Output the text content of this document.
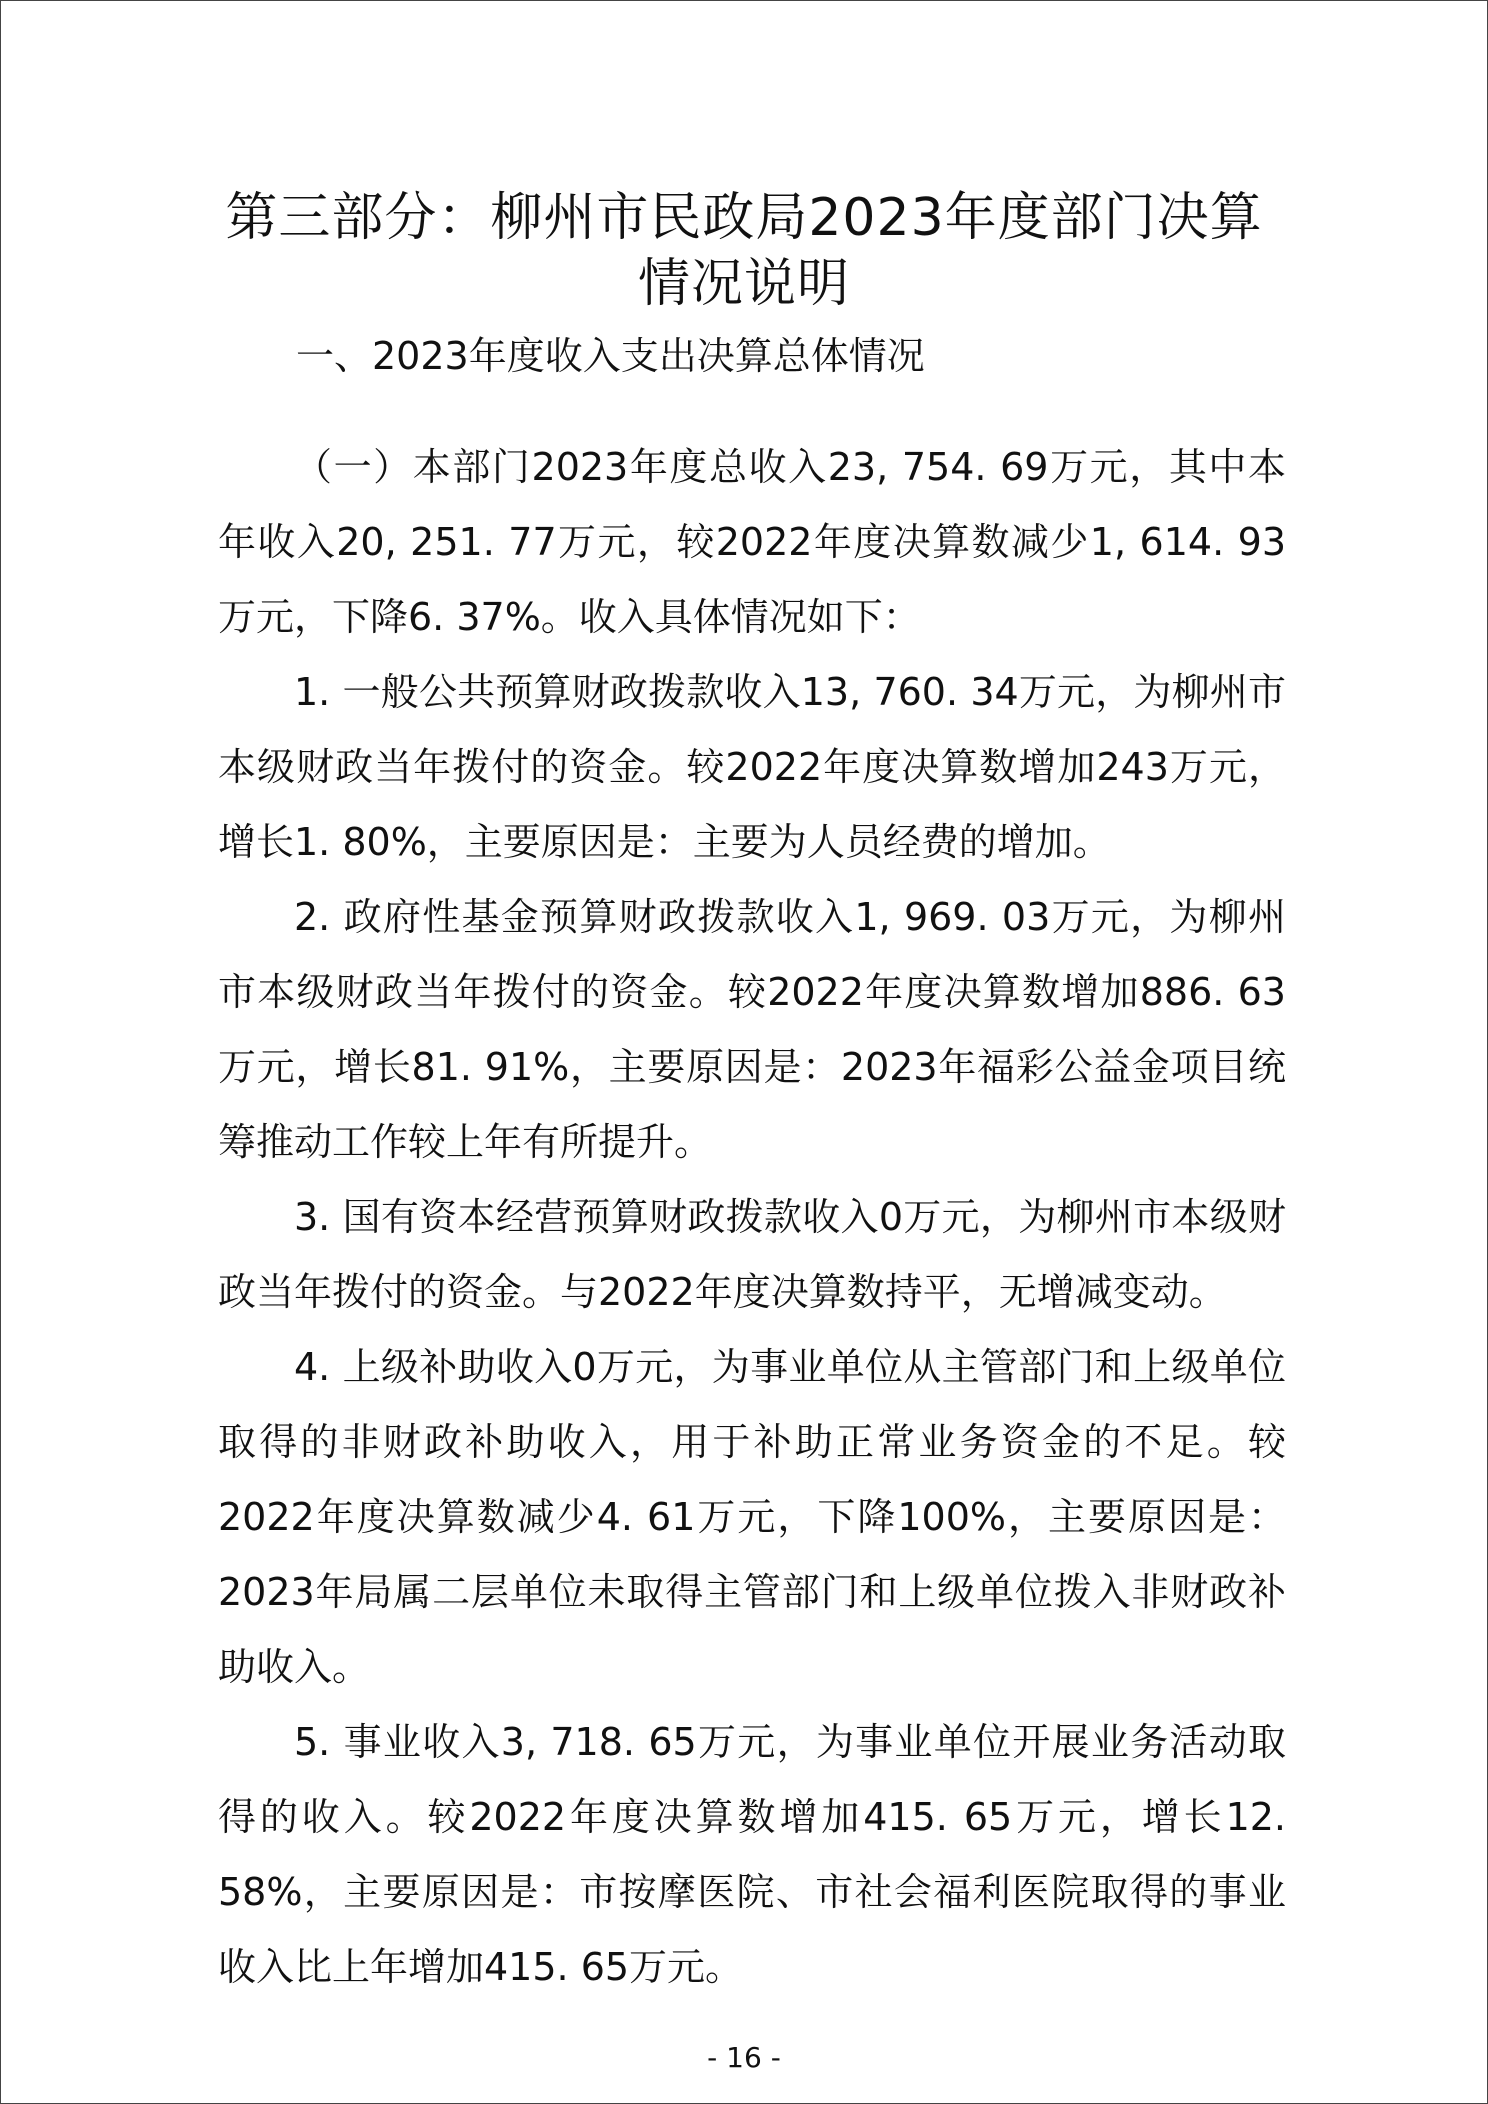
第三部分：柳州市民政局2023年度部门决算
情况说明
一、2023年度收入支出决算总体情况

（一）本部门2023年度总收入23, 754. 69万元，其中本年收入20, 251. 77万元，较2022年度决算数减少1, 614. 93万元，下降6. 37%。收入具体情况如下：

1. 一般公共预算财政拨款收入13, 760. 34万元，为柳州市本级财政当年拨付的资金。较2022年度决算数增加243万元，增长1. 80%，主要原因是：主要为人员经费的增加。

2. 政府性基金预算财政拨款收入1, 969. 03万元，为柳州市本级财政当年拨付的资金。较2022年度决算数增加886. 63万元，增长81. 91%，主要原因是：2023年福彩公益金项目统筹推动工作较上年有所提升。

3. 国有资本经营预算财政拨款收入0万元，为柳州市本级财政当年拨付的资金。与2022年度决算数持平，无增减变动。

4. 上级补助收入0万元，为事业单位从主管部门和上级单位取得的非财政补助收入，用于补助正常业务资金的不足。较2022年度决算数减少4. 61万元，下降100%，主要原因是：2023年局属二层单位未取得主管部门和上级单位拨入非财政补助收入。

5. 事业收入3, 718. 65万元，为事业单位开展业务活动取得的收入。较2022年度决算数增加415. 65万元，增长12. 58%，主要原因是：市按摩医院、市社会福利医院取得的事业收入比上年增加415. 65万元。

- 16 -
